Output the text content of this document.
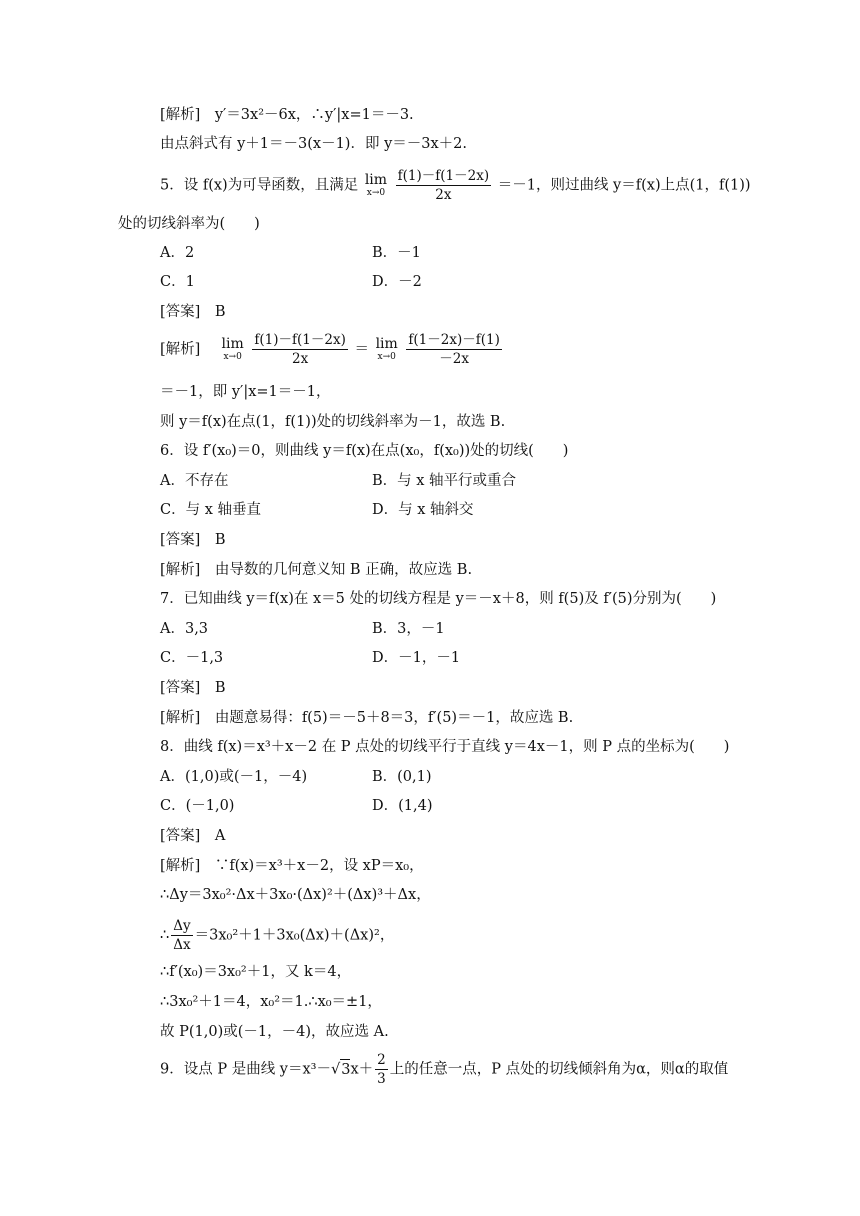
[解析]　y′＝3x²－6x，∴y′|x=1＝－3.
由点斜式有 y＋1＝－3(x－1)．即 y＝－3x＋2.
5．设 f(x)为可导函数，且满足 lim
x→0
$\frac{f(1)-f(1-2x)}{2x} =-1$，则过曲线 y＝f(x)上点(1，f(1))
处的切线斜率为(　　)
A．2	B．－1
C．1	D．－2
[答案]　B
[解析] lim
x→0
$\frac{f(1)-f(1-2x)}{2x} = \lim$
x→0
$\frac{f(1-2x)-f(1)}{-2x}$
＝－1，即 y′|x=1＝－1，
则 y＝f(x)在点(1，f(1))处的切线斜率为－1，故选 B.
6．设 f′(x₀)＝0，则曲线 y＝f(x)在点(x₀，f(x₀))处的切线(　　)
A．不存在	B．与 x 轴平行或重合
C．与 x 轴垂直	D．与 x 轴斜交
[答案]　B
[解析]　由导数的几何意义知 B 正确，故应选 B.
7．已知曲线 y＝f(x)在 x＝5 处的切线方程是 y＝－x＋8，则 f(5)及 f′(5)分别为(　　)
A．3,3	B．3，－1
C．－1,3	D．－1，－1
[答案]　B
[解析]　由题意易得：f(5)＝－5＋8＝3，f′(5)＝－1，故应选 B.
8．曲线 f(x)＝x³＋x－2 在 P 点处的切线平行于直线 y＝4x－1，则 P 点的坐标为(　　)
A．(1,0)或(－1，－4)	B．(0,1)
C．(－1,0)	D．(1,4)
[答案]　A
[解析]　∵f(x)＝x³＋x－2，设 xP＝x₀，
∴Δy＝3x₀²·Δx＋3x₀·(Δx)²＋(Δx)³＋Δx，
∴ $\frac{\Delta y}{\Delta x} =3x_0^2+1+3x_0(\Delta x)+(\Delta x)^2$，
∴f′(x₀)＝3x₀²＋1，又 k＝4，
∴3x₀²＋1＝4，x₀²＝1.∴x₀＝±1，
故 P(1,0)或(－1，－4)，故应选 A.
9．设点 P 是曲线 $y=x^3-√3x+ \frac{2}{3}$ 上的任意一点，P 点处的切线倾斜角为α，则α的取值
